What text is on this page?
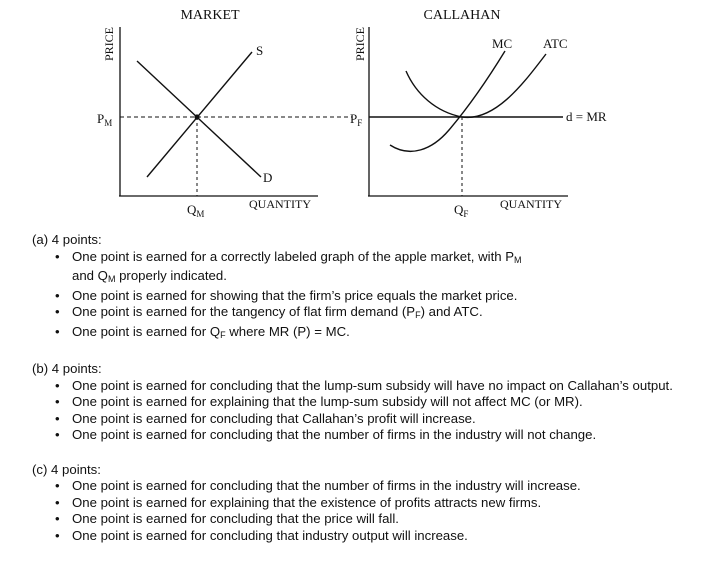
MARKET
PRICE	S
D
$P_M$
$Q_M$
QUANTITY
CALLAHAN
PRICE	MC ATC
d = MR
$P_F$
$Q_F$
QUANTITY
(a) 4 points:
• One point is earned for a correctly labeled graph of the apple market, with $P_M$
and $Q_M$ properly indicated.
• One point is earned for showing that the firm’s price equals the market price.
• One point is earned for the tangency of flat firm demand $(P_F)$ and ATC.
• One point is earned for $Q_F$ where MR (P) = MC.
(b) 4 points:
• One point is earned for concluding that the lump-sum subsidy will have no impact on Callahan’s output.
• One point is earned for explaining that the lump-sum subsidy will not affect MC (or MR).
• One point is earned for concluding that Callahan’s profit will increase.
• One point is earned for concluding that the number of firms in the industry will not change.
(c) 4 points:
• One point is earned for concluding that the number of firms in the industry will increase.
• One point is earned for explaining that the existence of profits attracts new firms.
• One point is earned for concluding that the price will fall.
• One point is earned for concluding that industry output will increase.
